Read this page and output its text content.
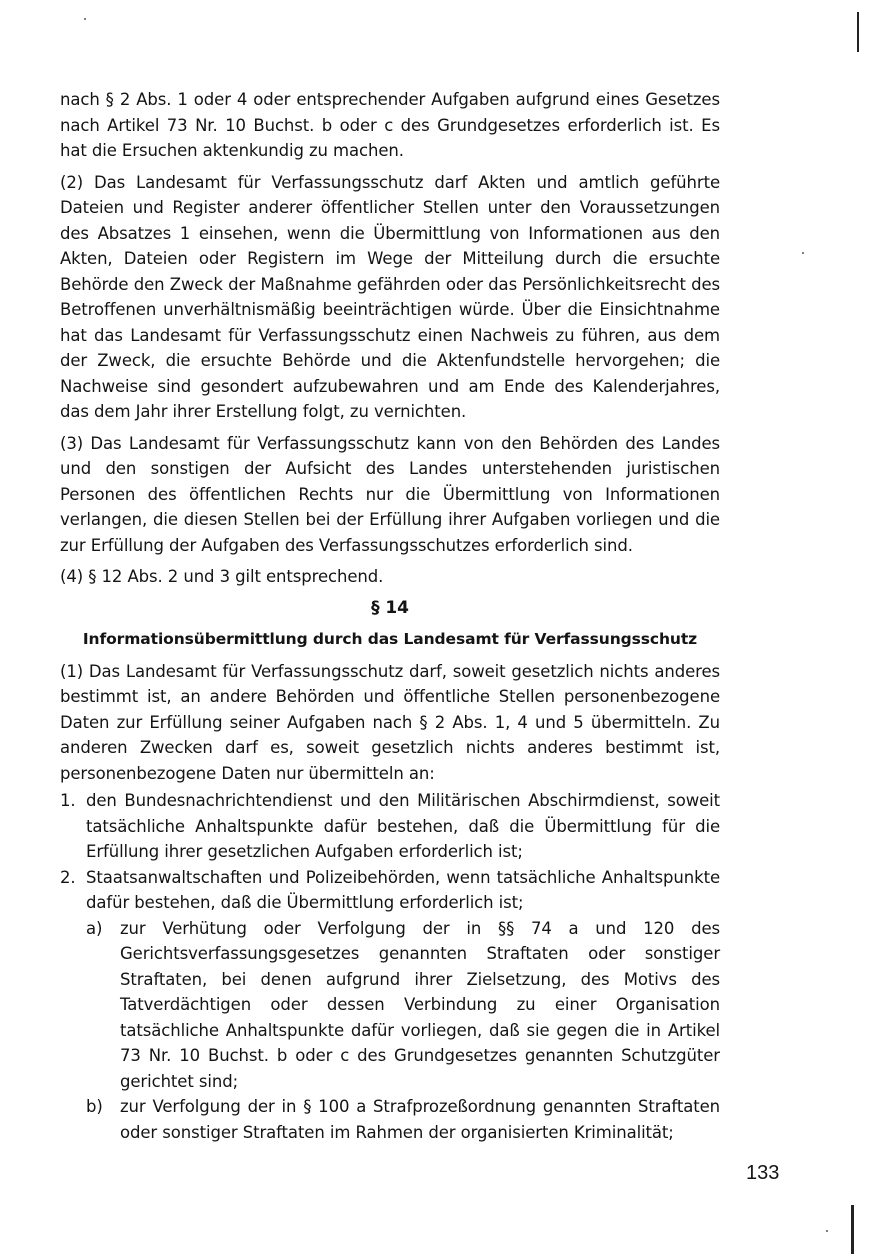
nach § 2 Abs. 1 oder 4 oder entsprechender Aufgaben aufgrund eines Gesetzes nach Artikel 73 Nr. 10 Buchst. b oder c des Grundgesetzes erforderlich ist. Es hat die Ersuchen aktenkundig zu machen.

(2) Das Landesamt für Verfassungsschutz darf Akten und amtlich geführte Dateien und Register anderer öffentlicher Stellen unter den Voraussetzungen des Absatzes 1 einsehen, wenn die Übermittlung von Informationen aus den Akten, Dateien oder Registern im Wege der Mitteilung durch die ersuchte Behörde den Zweck der Maßnahme gefährden oder das Persönlichkeitsrecht des Betroffenen unverhältnismäßig beeinträchtigen würde. Über die Einsichtnahme hat das Landesamt für Verfassungsschutz einen Nachweis zu führen, aus dem der Zweck, die ersuchte Behörde und die Aktenfundstelle hervorgehen; die Nachweise sind gesondert aufzubewahren und am Ende des Kalenderjahres, das dem Jahr ihrer Erstellung folgt, zu vernichten.

(3) Das Landesamt für Verfassungsschutz kann von den Behörden des Landes und den sonstigen der Aufsicht des Landes unterstehenden juristischen Personen des öffentlichen Rechts nur die Übermittlung von Informationen verlangen, die diesen Stellen bei der Erfüllung ihrer Aufgaben vorliegen und die zur Erfüllung der Aufgaben des Verfassungsschutzes erforderlich sind.

(4) § 12 Abs. 2 und 3 gilt entsprechend.

§ 14

Informationsübermittlung durch das Landesamt für Verfassungsschutz

(1) Das Landesamt für Verfassungsschutz darf, soweit gesetzlich nichts anderes bestimmt ist, an andere Behörden und öffentliche Stellen personenbezogene Daten zur Erfüllung seiner Aufgaben nach § 2 Abs. 1, 4 und 5 übermitteln. Zu anderen Zwecken darf es, soweit gesetzlich nichts anderes bestimmt ist, personenbezogene Daten nur übermitteln an:

1. den Bundesnachrichtendienst und den Militärischen Abschirmdienst, soweit tatsächliche Anhaltspunkte dafür bestehen, daß die Übermittlung für die Erfüllung ihrer gesetzlichen Aufgaben erforderlich ist;
2. Staatsanwaltschaften und Polizeibehörden, wenn tatsächliche Anhaltspunkte dafür bestehen, daß die Übermittlung erforderlich ist;
a) zur Verhütung oder Verfolgung der in §§ 74 a und 120 des Gerichtsverfassungsgesetzes genannten Straftaten oder sonstiger Straftaten, bei denen aufgrund ihrer Zielsetzung, des Motivs des Tatverdächtigen oder dessen Verbindung zu einer Organisation tatsächliche Anhaltspunkte dafür vorliegen, daß sie gegen die in Artikel 73 Nr. 10 Buchst. b oder c des Grundgesetzes genannten Schutzgüter gerichtet sind;
b) zur Verfolgung der in § 100 a Strafprozeßordnung genannten Straftaten oder sonstiger Straftaten im Rahmen der organisierten Kriminalität;
133
